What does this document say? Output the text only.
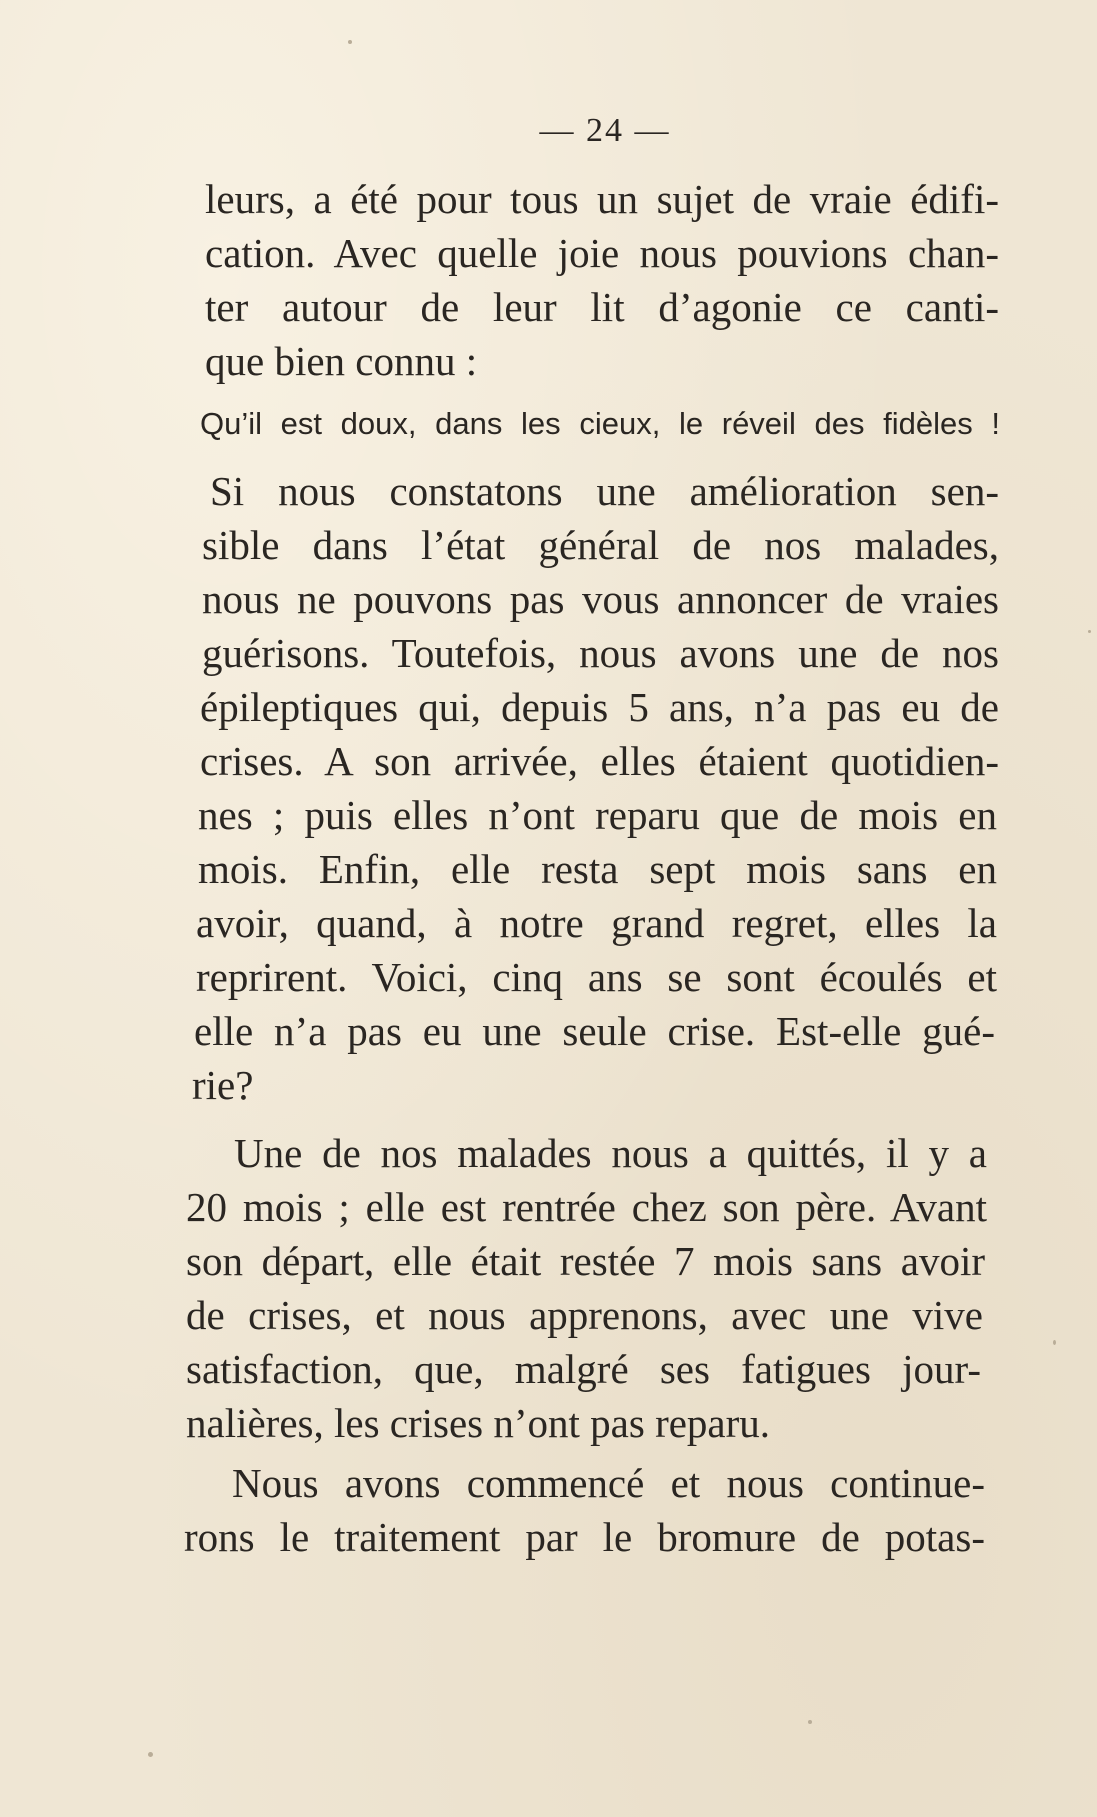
— 24 —
leurs, a été pour tous un sujet de vraie édifi-
cation. Avec quelle joie nous pouvions chan-
ter autour de leur lit d’agonie ce canti-
que bien connu :
Qu’il est doux, dans les cieux, le réveil des fidèles !
Si nous constatons une amélioration sen-
sible dans l’état général de nos malades,
nous ne pouvons pas vous annoncer de vraies
guérisons. Toutefois, nous avons une de nos
épileptiques qui, depuis 5 ans, n’a pas eu de
crises. A son arrivée, elles étaient quotidien-
nes ; puis elles n’ont reparu que de mois en
mois. Enfin, elle resta sept mois sans en
avoir, quand, à notre grand regret, elles la
reprirent. Voici, cinq ans se sont écoulés et
elle n’a pas eu une seule crise. Est-elle gué-
rie?
Une de nos malades nous a quittés, il y a
20 mois ; elle est rentrée chez son père. Avant
son départ, elle était restée 7 mois sans avoir
de crises, et nous apprenons, avec une vive
satisfaction, que, malgré ses fatigues jour-
nalières, les crises n’ont pas reparu.
Nous avons commencé et nous continue-
rons le traitement par le bromure de potas-
